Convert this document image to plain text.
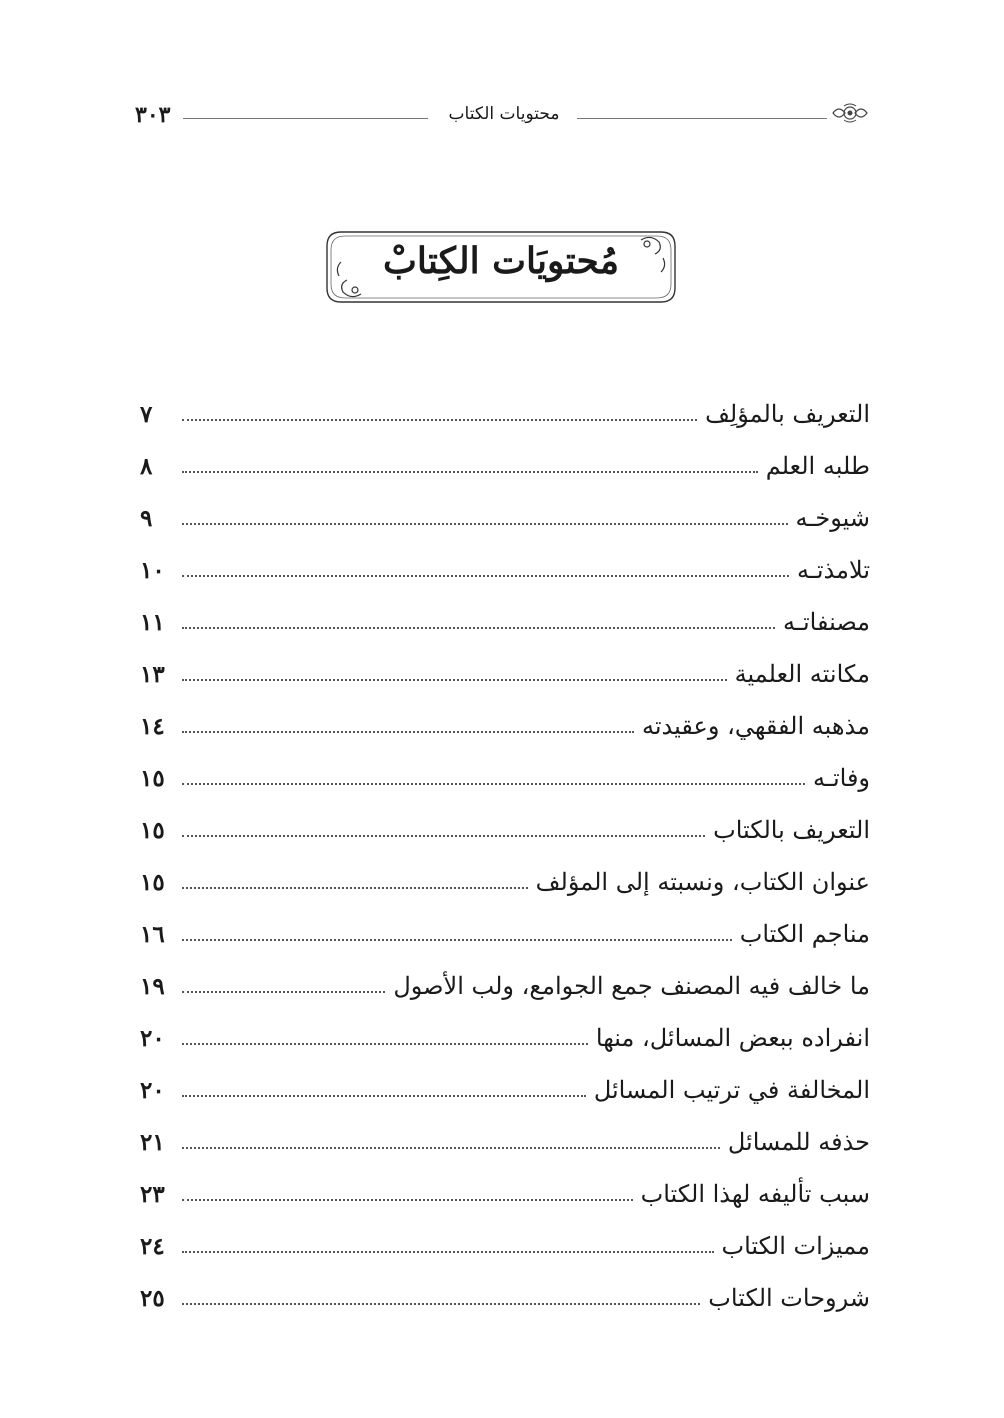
٣٠٣	محتويات الكتاب
مُحتويَات الكِتابْ
التعريف بالمؤلِف
٧
طلبه العلم
٨
شيوخـه
٩
تلامذتـه
١٠
مصنفاتـه
١١
مكانته العلمية
١٣
مذهبه الفقهي، وعقيدته
١٤
وفاتـه
١٥
التعريف بالكتاب
١٥
عنوان الكتاب، ونسبته إلى المؤلف
١٥
مناجم الكتاب
١٦
ما خالف فيه المصنف جمع الجوامع، ولب الأصول
١٩
انفراده ببعض المسائل، منها
٢٠
المخالفة في ترتيب المسائل
٢٠
حذفه للمسائل
٢١
سبب تأليفه لهذا الكتاب
٢٣
مميزات الكتاب
٢٤
شروحات الكتاب
٢٥
